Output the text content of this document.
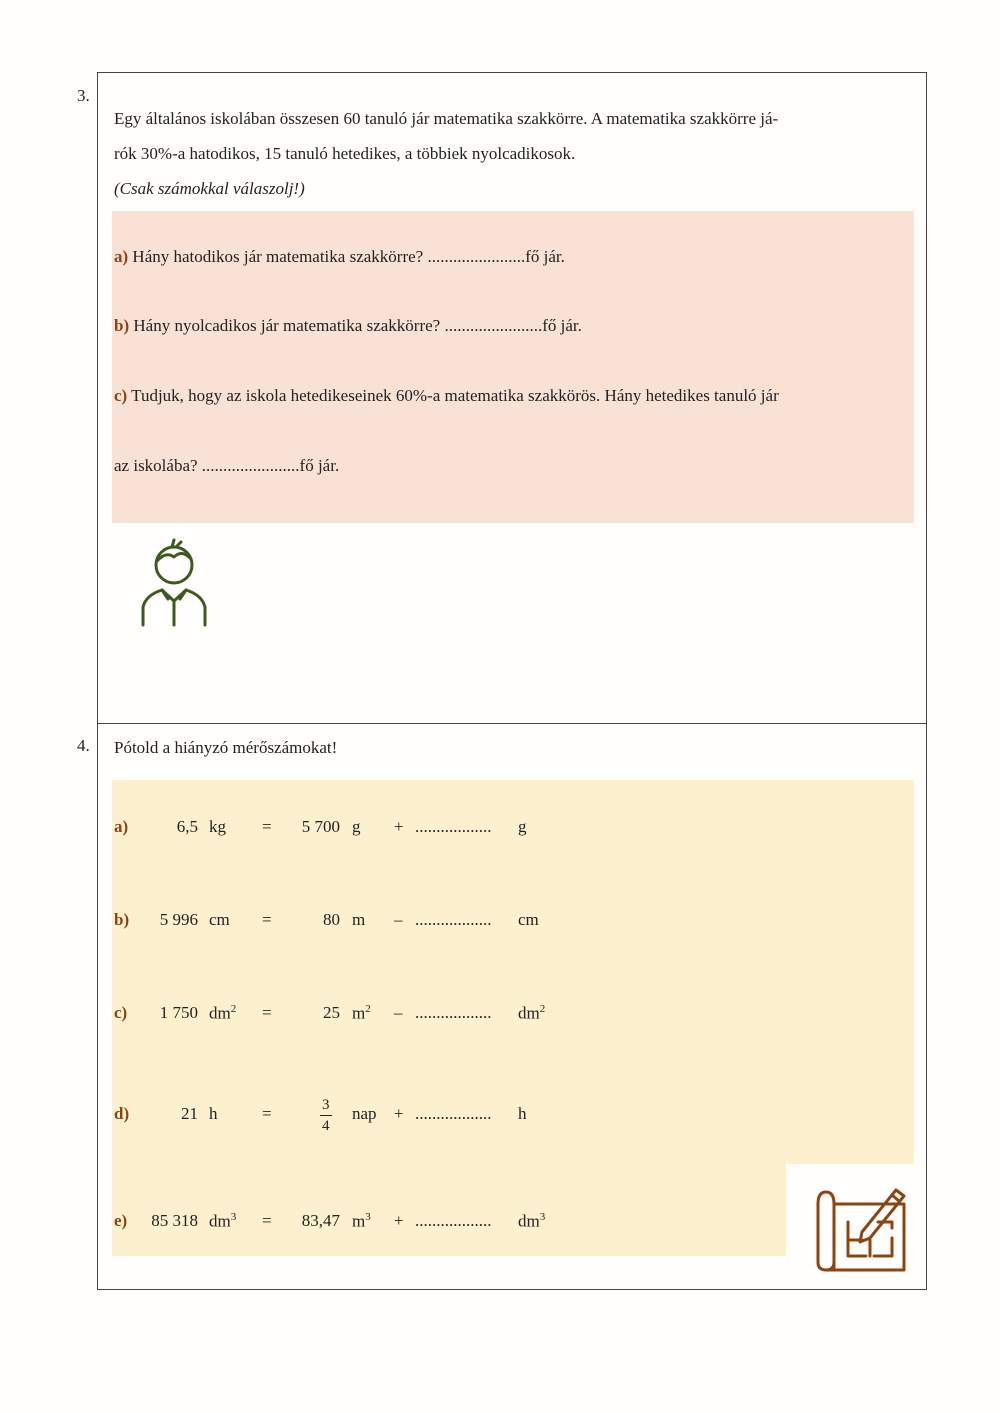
3.
Egy általános iskolában összesen 60 tanuló jár matematika szakkörre. A matematika szakkörre já-
rók 30%-a hatodikos, 15 tanuló hetedikes, a többiek nyolcadikosok.
(Csak számokkal válaszolj!)
a) Hány hatodikos jár matematika szakkörre? .......................fő jár.
b) Hány nyolcadikos jár matematika szakkörre? .......................fő jár.
c) Tudjuk, hogy az iskola hetedikeseinek 60%-a matematika szakkörös. Hány hetedikes tanuló jár
az iskolába? .......................fő jár.
4. Pótold a hiányzó mérőszámokat!
a)	6,5 kg =	5 700 g + .................. g
b)	5 996 cm =	80 m – .................. cm
c)	1 750 $dm^2$ =	25 $m^2$ – .................. $dm^2$
d)	21 h	=	$\frac{3}{4}$ nap + .................. h
e)	85 318 $dm^3$ =	83,47 $m^3$ + .................. $dm^3$
